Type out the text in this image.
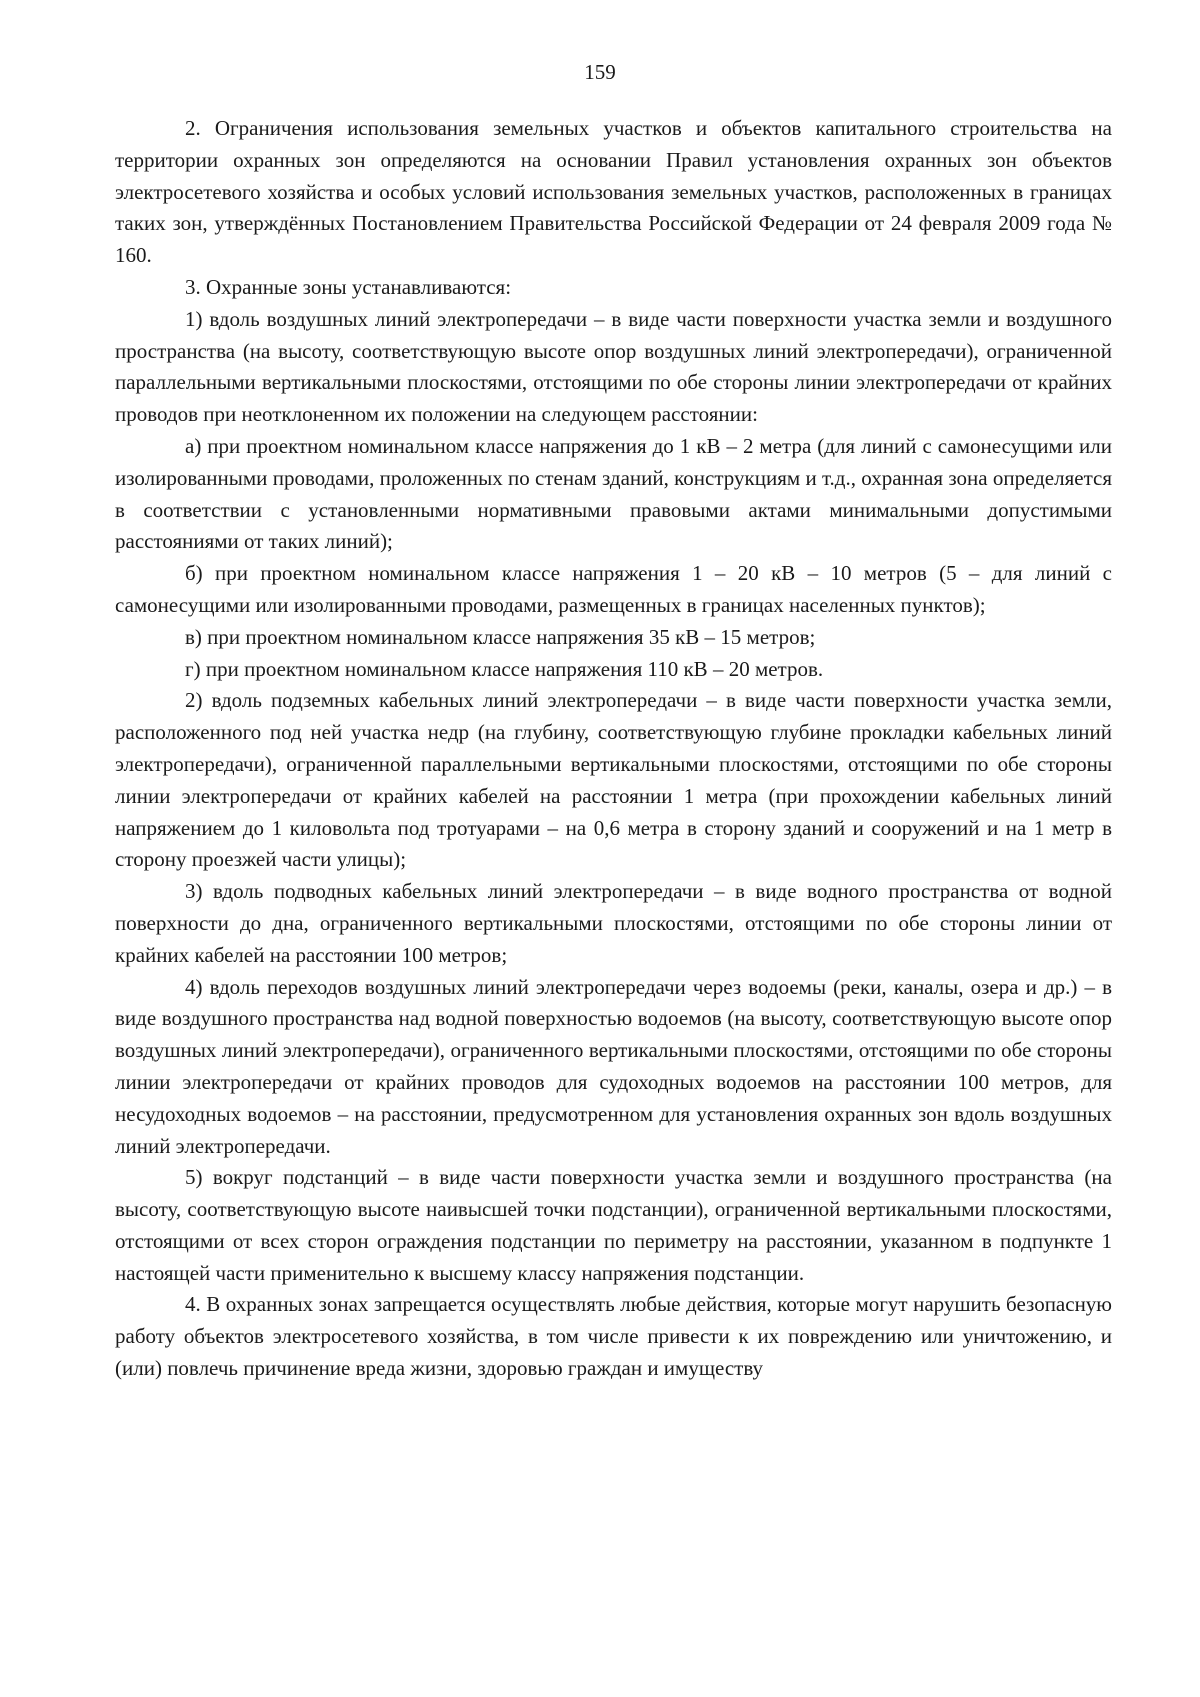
159

2. Ограничения использования земельных участков и объектов капитального строительства на территории охранных зон определяются на основании Правил установления охранных зон объектов электросетевого хозяйства и особых условий использования земельных участков, расположенных в границах таких зон, утверждённых Постановлением Правительства Российской Федерации от 24 февраля 2009 года № 160.

3. Охранные зоны устанавливаются:

1) вдоль воздушных линий электропередачи – в виде части поверхности участка земли и воздушного пространства (на высоту, соответствующую высоте опор воздушных линий электропередачи), ограниченной параллельными вертикальными плоскостями, отстоящими по обе стороны линии электропередачи от крайних проводов при неотклоненном их положении на следующем расстоянии:

а) при проектном номинальном классе напряжения до 1 кВ – 2 метра (для линий с самонесущими или изолированными проводами, проложенных по стенам зданий, конструкциям и т.д., охранная зона определяется в соответствии с установленными нормативными правовыми актами минимальными допустимыми расстояниями от таких линий);

б) при проектном номинальном классе напряжения 1 – 20 кВ – 10 метров (5 – для линий с самонесущими или изолированными проводами, размещенных в границах населенных пунктов);

в) при проектном номинальном классе напряжения 35 кВ – 15 метров;

г) при проектном номинальном классе напряжения 110 кВ – 20 метров.

2) вдоль подземных кабельных линий электропередачи – в виде части поверхности участка земли, расположенного под ней участка недр (на глубину, соответствующую глубине прокладки кабельных линий электропередачи), ограниченной параллельными вертикальными плоскостями, отстоящими по обе стороны линии электропередачи от крайних кабелей на расстоянии 1 метра (при прохождении кабельных линий напряжением до 1 киловольта под тротуарами – на 0,6 метра в сторону зданий и сооружений и на 1 метр в сторону проезжей части улицы);

3) вдоль подводных кабельных линий электропередачи – в виде водного пространства от водной поверхности до дна, ограниченного вертикальными плоскостями, отстоящими по обе стороны линии от крайних кабелей на расстоянии 100 метров;

4) вдоль переходов воздушных линий электропередачи через водоемы (реки, каналы, озера и др.) – в виде воздушного пространства над водной поверхностью водоемов (на высоту, соответствующую высоте опор воздушных линий электропередачи), ограниченного вертикальными плоскостями, отстоящими по обе стороны линии электропередачи от крайних проводов для судоходных водоемов на расстоянии 100 метров, для несудоходных водоемов – на расстоянии, предусмотренном для установления охранных зон вдоль воздушных линий электропередачи.

5) вокруг подстанций – в виде части поверхности участка земли и воздушного пространства (на высоту, соответствующую высоте наивысшей точки подстанции), ограниченной вертикальными плоскостями, отстоящими от всех сторон ограждения подстанции по периметру на расстоянии, указанном в подпункте 1 настоящей части применительно к высшему классу напряжения подстанции.

4. В охранных зонах запрещается осуществлять любые действия, которые могут нарушить безопасную работу объектов электросетевого хозяйства, в том числе привести к их повреждению или уничтожению, и (или) повлечь причинение вреда жизни, здоровью граждан и имуществу
